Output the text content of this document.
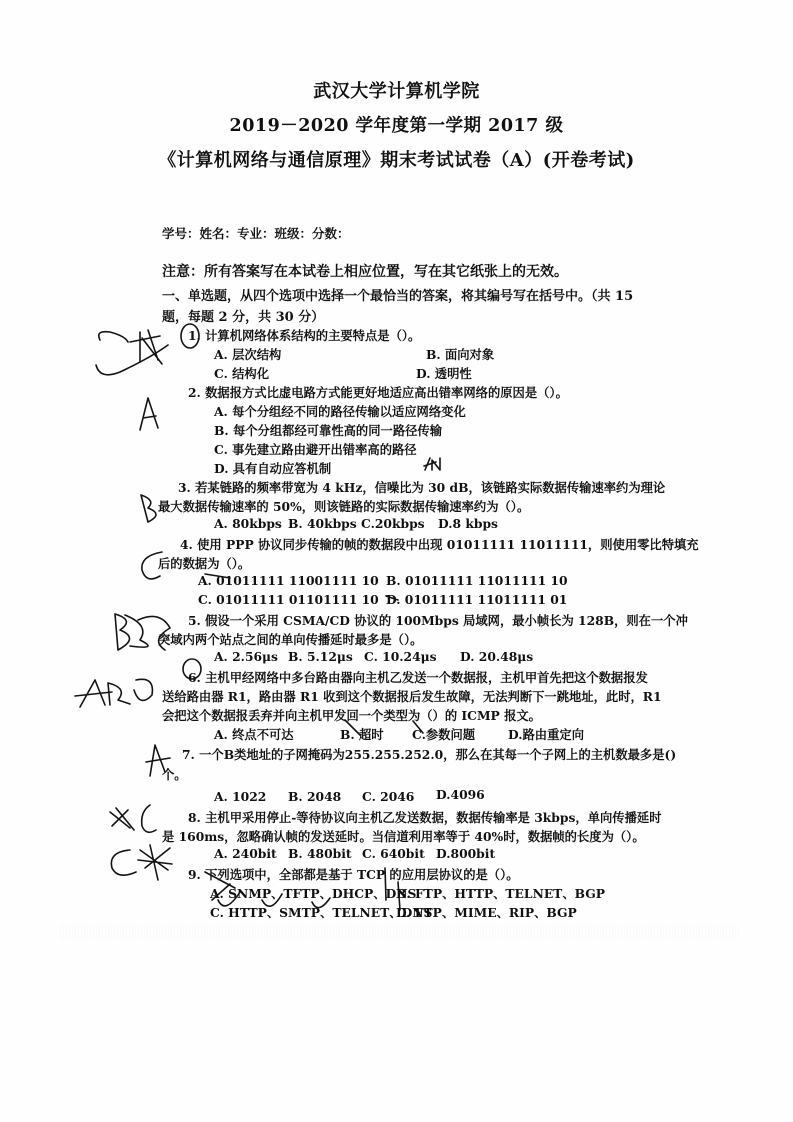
武汉大学计算机学院
2019－2020 学年度第一学期 2017 级
《计算机网络与通信原理》期末考试试卷（A）(开卷考试)
学号：姓名：专业：班级：分数：
注意：所有答案写在本试卷上相应位置，写在其它纸张上的无效。
一、单选题，从四个选项中选择一个最恰当的答案，将其编号写在括号中。（共 15 题，每题 2 分，共 30 分）
1. 计算机网络体系结构的主要特点是（）。
A. 层次结构	B. 面向对象
C. 结构化	D. 透明性
2. 数据报方式比虚电路方式能更好地适应高出错率网络的原因是（）。
A. 每个分组经不同的路径传输以适应网络变化
B. 每个分组都经可靠性高的同一路径传输
C. 事先建立路由避开出错率高的路径
D. 具有自动应答机制
3. 若某链路的频率带宽为 4 kHz，信噪比为 30 dB，该链路实际数据传输速率约为理论
最大数据传输速率的 50%，则该链路的实际数据传输速率约为（）。
A. 80kbps B. 40kbps C.20kbps D.8 kbps
4. 使用 PPP 协议同步传输的帧的数据段中出现 01011111 11011111，则使用零比特填充
后的数据为（）。
A. 01011111 11001111 10 B. 01011111 11011111 10
C. 01011111 01101111 10 D. 01011111 11011111 01
5. 假设一个采用 CSMA/CD 协议的 100Mbps 局域网，最小帧长为 128B，则在一个冲
突域内两个站点之间的单向传播延时最多是（）。
A. 2.56μs B. 5.12μs C. 10.24μs D. 20.48μs
6. 主机甲经网络中多台路由器向主机乙发送一个数据报，主机甲首先把这个数据报发
送给路由器 R1，路由器 R1 收到这个数据报后发生故障，无法判断下一跳地址，此时，R1
会把这个数据报丢弃并向主机甲发回一个类型为（）的 ICMP 报文。
A. 终点不可达	B. 超时 C.参数问题	D.路由重定向
7. 一个B类地址的子网掩码为255.255.252.0，那么在其每一个子网上的主机数最多是()
个。
A. 1022 B. 2048 C. 2046 D.4096
8. 主机甲采用停止-等待协议向主机乙发送数据，数据传输率是 3kbps，单向传播延时
是 160ms，忽略确认帧的发送延时。当信道利用率等于 40%时，数据帧的长度为（）。
A. 240bit B. 480bit C. 640bit D.800bit
9. 下列选项中，全部都是基于 TCP 的应用层协议的是（）。
A. SNMP、TFTP、DHCP、DNS
B. FTP、HTTP、TELNET、BGP
C. HTTP、SMTP、TELNET、DNS
D. FTP、MIME、RIP、BGP
